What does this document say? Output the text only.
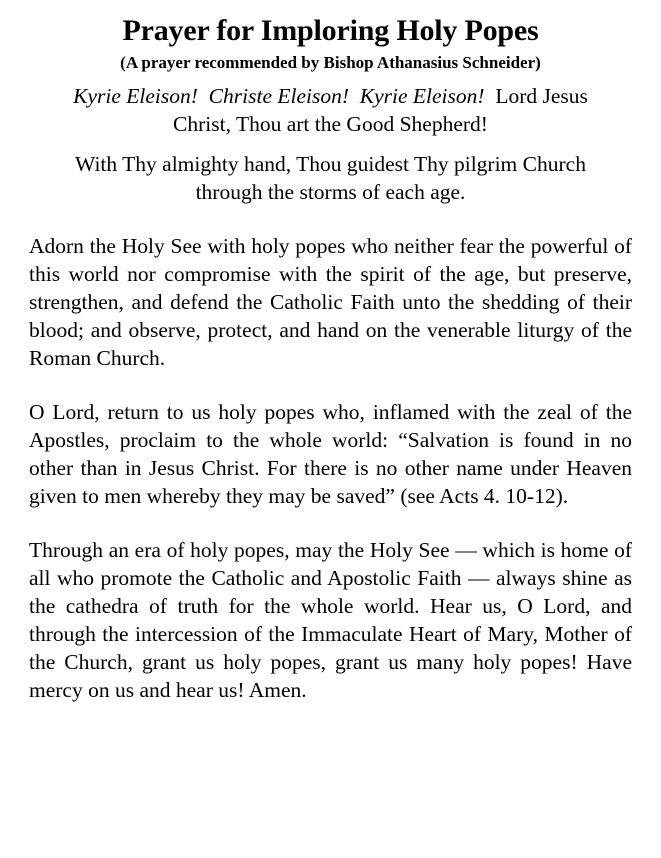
Prayer for Imploring Holy Popes

(A prayer recommended by Bishop Athanasius Schneider)

Kyrie Eleison! Christe Eleison! Kyrie Eleison! Lord Jesus Christ, Thou art the Good Shepherd!

With Thy almighty hand, Thou guidest Thy pilgrim Church through the storms of each age.

Adorn the Holy See with holy popes who neither fear the powerful of this world nor compromise with the spirit of the age, but preserve, strengthen, and defend the Catholic Faith unto the shedding of their blood; and observe, protect, and hand on the venerable liturgy of the Roman Church.

O Lord, return to us holy popes who, inflamed with the zeal of the Apostles, proclaim to the whole world: “Salvation is found in no other than in Jesus Christ. For there is no other name under Heaven given to men whereby they may be saved” (see Acts 4. 10-12).

Through an era of holy popes, may the Holy See — which is home of all who promote the Catholic and Apostolic Faith — always shine as the cathedra of truth for the whole world. Hear us, O Lord, and through the intercession of the Immaculate Heart of Mary, Mother of the Church, grant us holy popes, grant us many holy popes! Have mercy on us and hear us! Amen.
